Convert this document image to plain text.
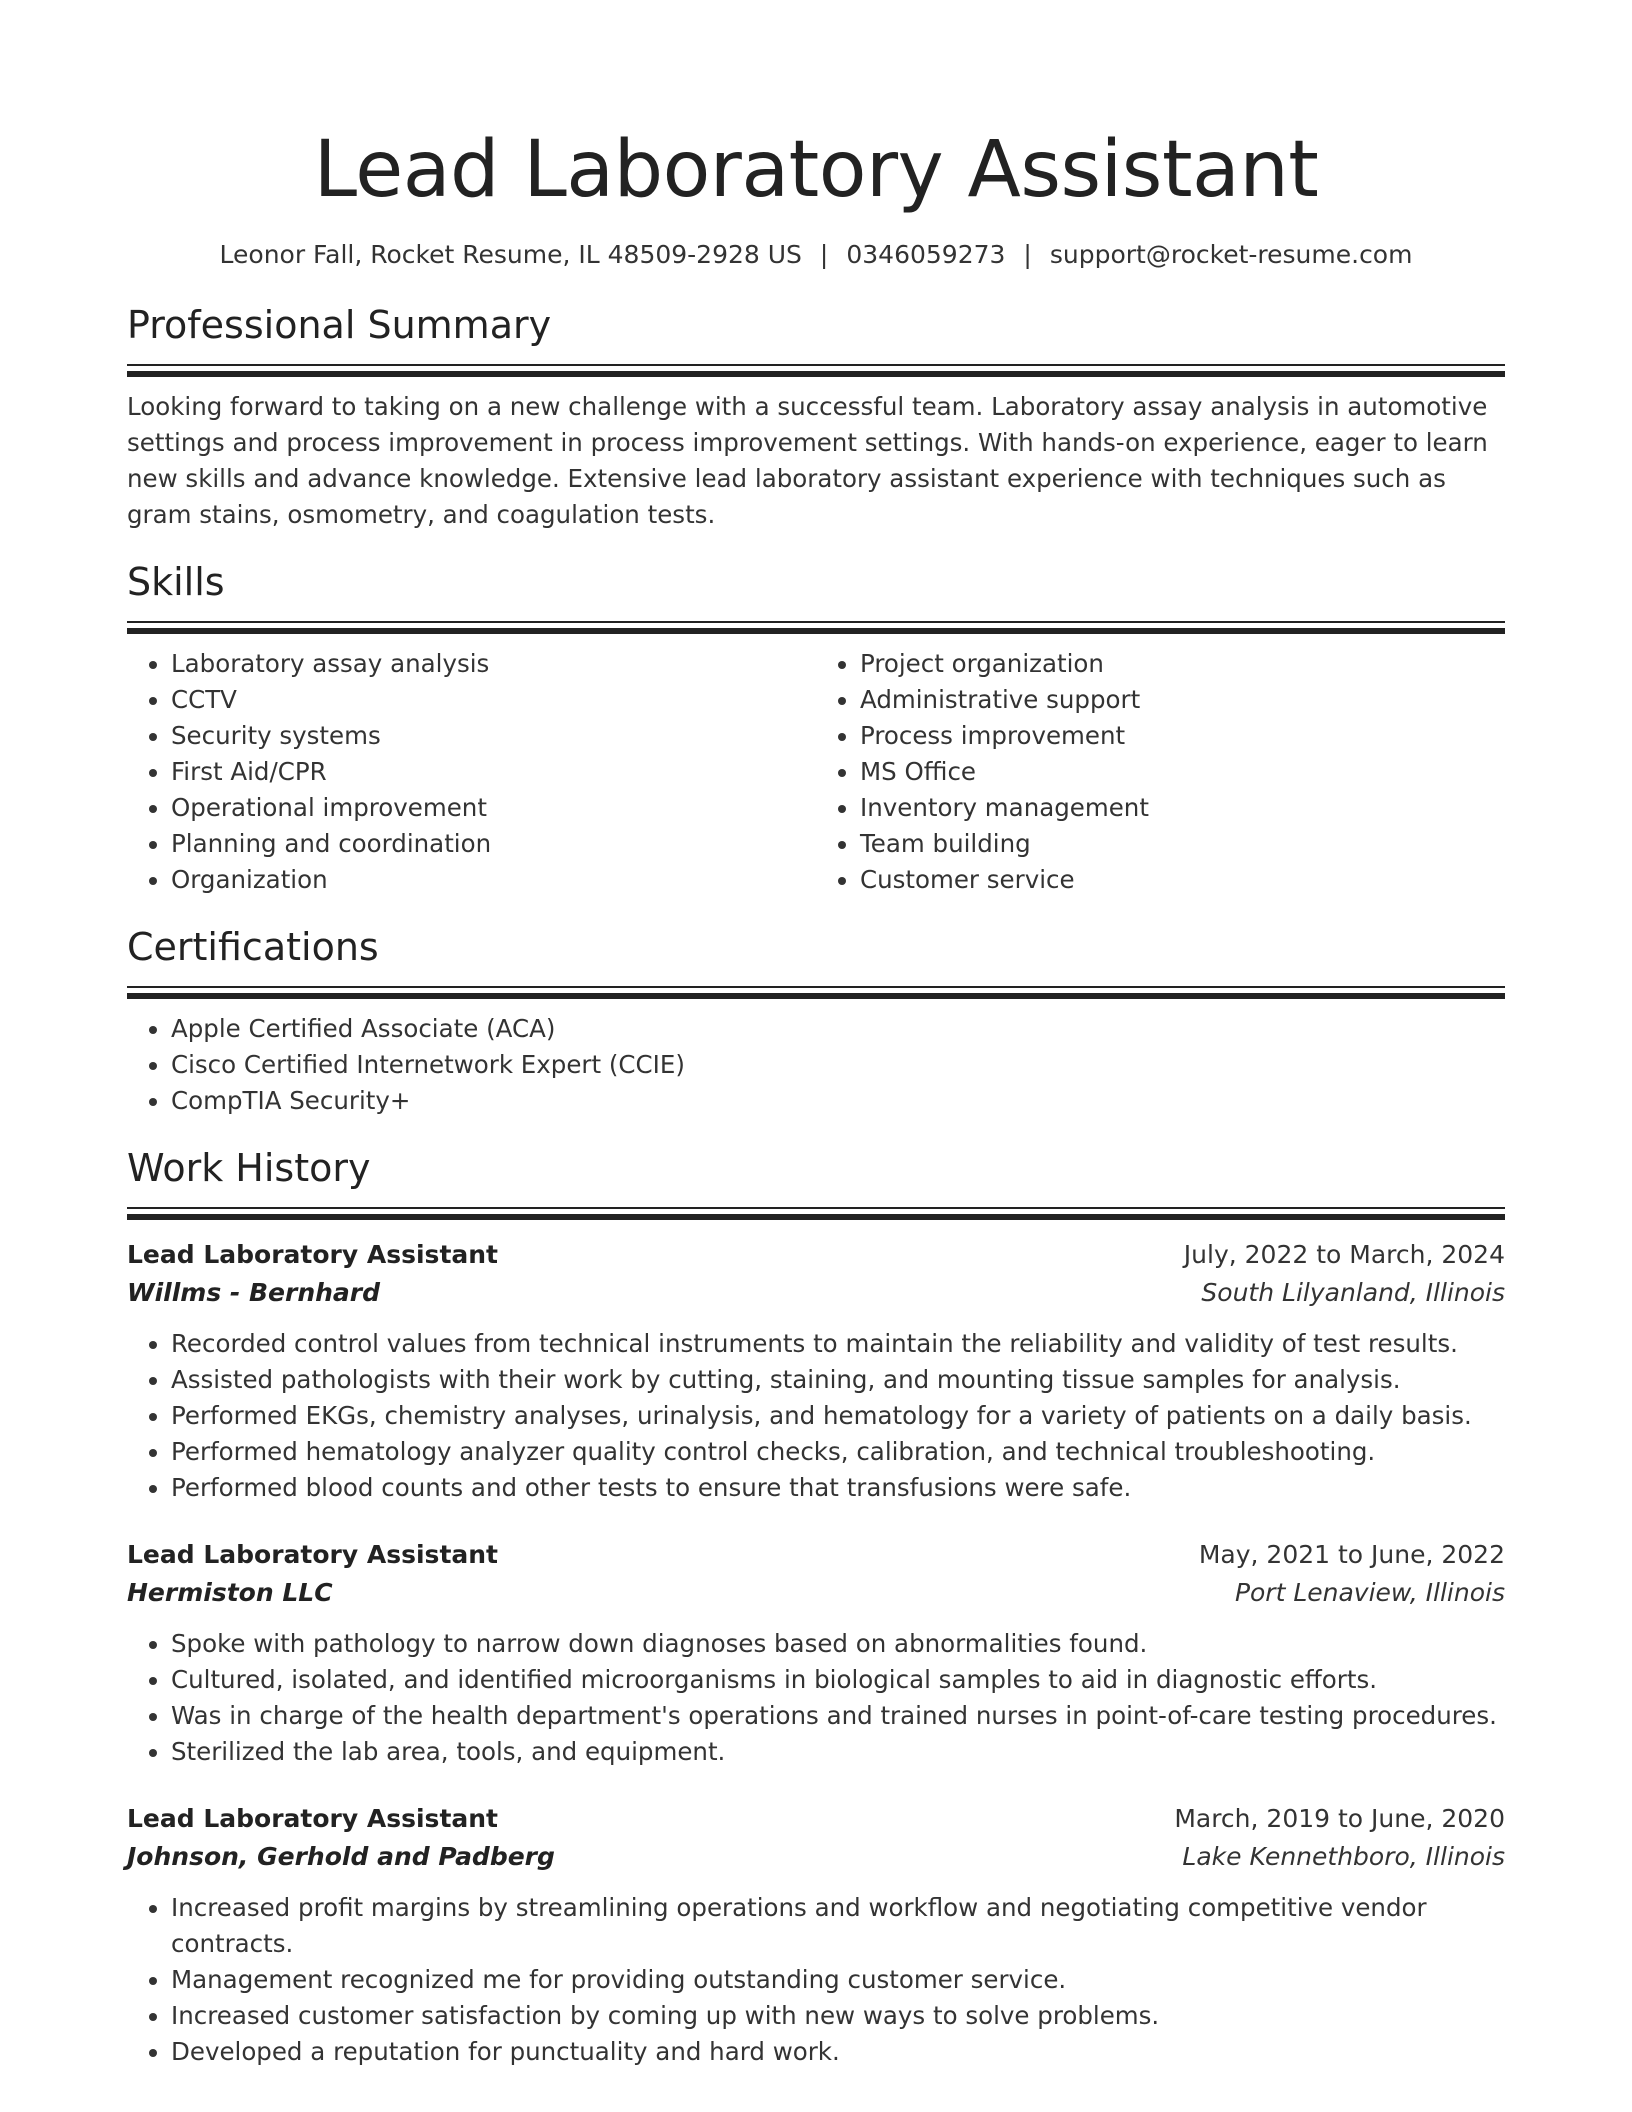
Lead Laboratory Assistant
Leonor Fall, Rocket Resume, IL 48509-2928 US | 0346059273 | support@rocket-resume.com
Professional Summary

Looking forward to taking on a new challenge with a successful team. Laboratory assay analysis in automotive settings and process improvement in process improvement settings. With hands-on experience, eager to learn new skills and advance knowledge. Extensive lead laboratory assistant experience with techniques such as gram stains, osmometry, and coagulation tests.

Skills
• Laboratory assay analysis
• CCTV
• Security systems
• First Aid/CPR
• Operational improvement
• Planning and coordination
• Organization
• Project organization
• Administrative support
• Process improvement
• MS Office
• Inventory management
• Team building
• Customer service
Certifications
• Apple Certified Associate (ACA)
• Cisco Certified Internetwork Expert (CCIE)
• CompTIA Security+
Work History
Lead Laboratory Assistant	July, 2022 to March, 2024
Willms - Bernhard	South Lilyanland, Illinois
• Recorded control values from technical instruments to maintain the reliability and validity of test results.
• Assisted pathologists with their work by cutting, staining, and mounting tissue samples for analysis.
• Performed EKGs, chemistry analyses, urinalysis, and hematology for a variety of patients on a daily basis.
• Performed hematology analyzer quality control checks, calibration, and technical troubleshooting.
• Performed blood counts and other tests to ensure that transfusions were safe.
Lead Laboratory Assistant	May, 2021 to June, 2022
Hermiston LLC	Port Lenaview, Illinois
• Spoke with pathology to narrow down diagnoses based on abnormalities found.
• Cultured, isolated, and identified microorganisms in biological samples to aid in diagnostic efforts.
• Was in charge of the health department's operations and trained nurses in point-of-care testing procedures.
• Sterilized the lab area, tools, and equipment.
Lead Laboratory Assistant	March, 2019 to June, 2020
Johnson, Gerhold and Padberg	Lake Kennethboro, Illinois
• Increased profit margins by streamlining operations and workflow and negotiating competitive vendor contracts.
• Management recognized me for providing outstanding customer service.
• Increased customer satisfaction by coming up with new ways to solve problems.
• Developed a reputation for punctuality and hard work.
